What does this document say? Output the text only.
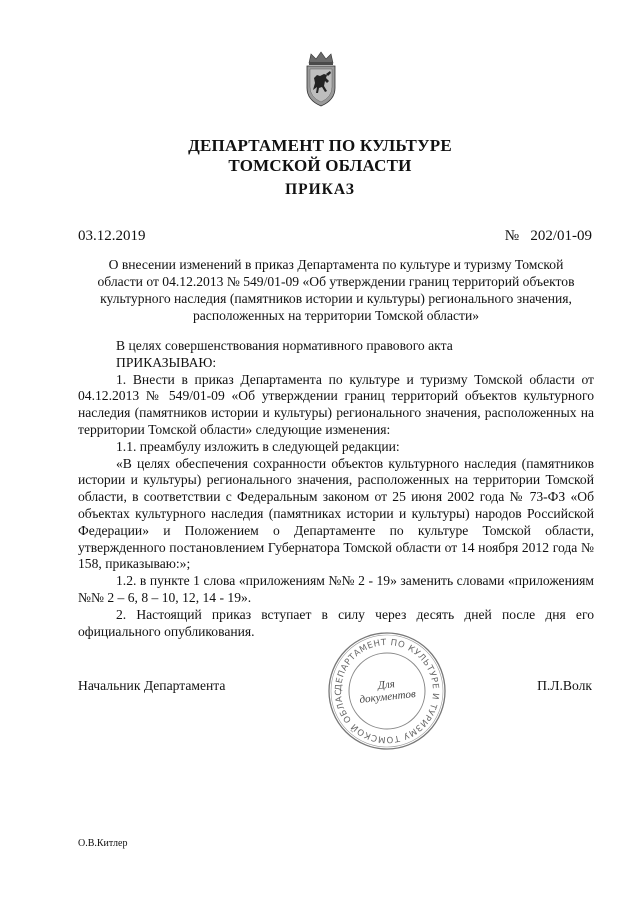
ДЕПАРТАМЕНТ ПО КУЛЬТУРЕ
ТОМСКОЙ ОБЛАСТИ
ПРИКАЗ
03.12.2019	№   202/01-09
О внесении изменений в приказ Департамента по культуре и туризму Томской
области от 04.12.2013 № 549/01-09 «Об утверждении границ территорий объектов
культурного наследия (памятников истории и культуры) регионального значения,
расположенных на территории Томской области»

В целях совершенствования нормативного правового акта

ПРИКАЗЫВАЮ:

1. Внести в приказ Департамента по культуре и туризму Томской области от 04.12.2013 № 549/01-09 «Об утверждении границ территорий объектов культурного наследия (памятников истории и культуры) регионального значения, расположенных на территории Томской области» следующие изменения:

1.1. преамбулу изложить в следующей редакции:

«В целях обеспечения сохранности объектов культурного наследия (памятников истории и культуры) регионального значения, расположенных на территории Томской области, в соответствии с Федеральным законом от 25 июня 2002 года № 73-ФЗ «Об объектах культурного наследия (памятниках истории и культуры) народов Российской Федерации» и Положением о Департаменте по культуре Томской области, утвержденного постановлением Губернатора Томской области от 14 ноября 2012 года № 158, приказываю:»;

1.2. в пункте 1 слова «приложениям №№ 2 - 19» заменить словами «приложениям №№ 2 – 6, 8 – 10, 12, 14 - 19».

2. Настоящий приказ вступает в силу через десять дней после дня его официального опубликования.

Начальник Департамента	П.Л.Волк
ДЕПАРТАМЕНТ ПО КУЛЬТУРЕ И ТУРИЗМУ ТОМСКОЙ ОБЛАС
Для
документов
О.В.Китлер
